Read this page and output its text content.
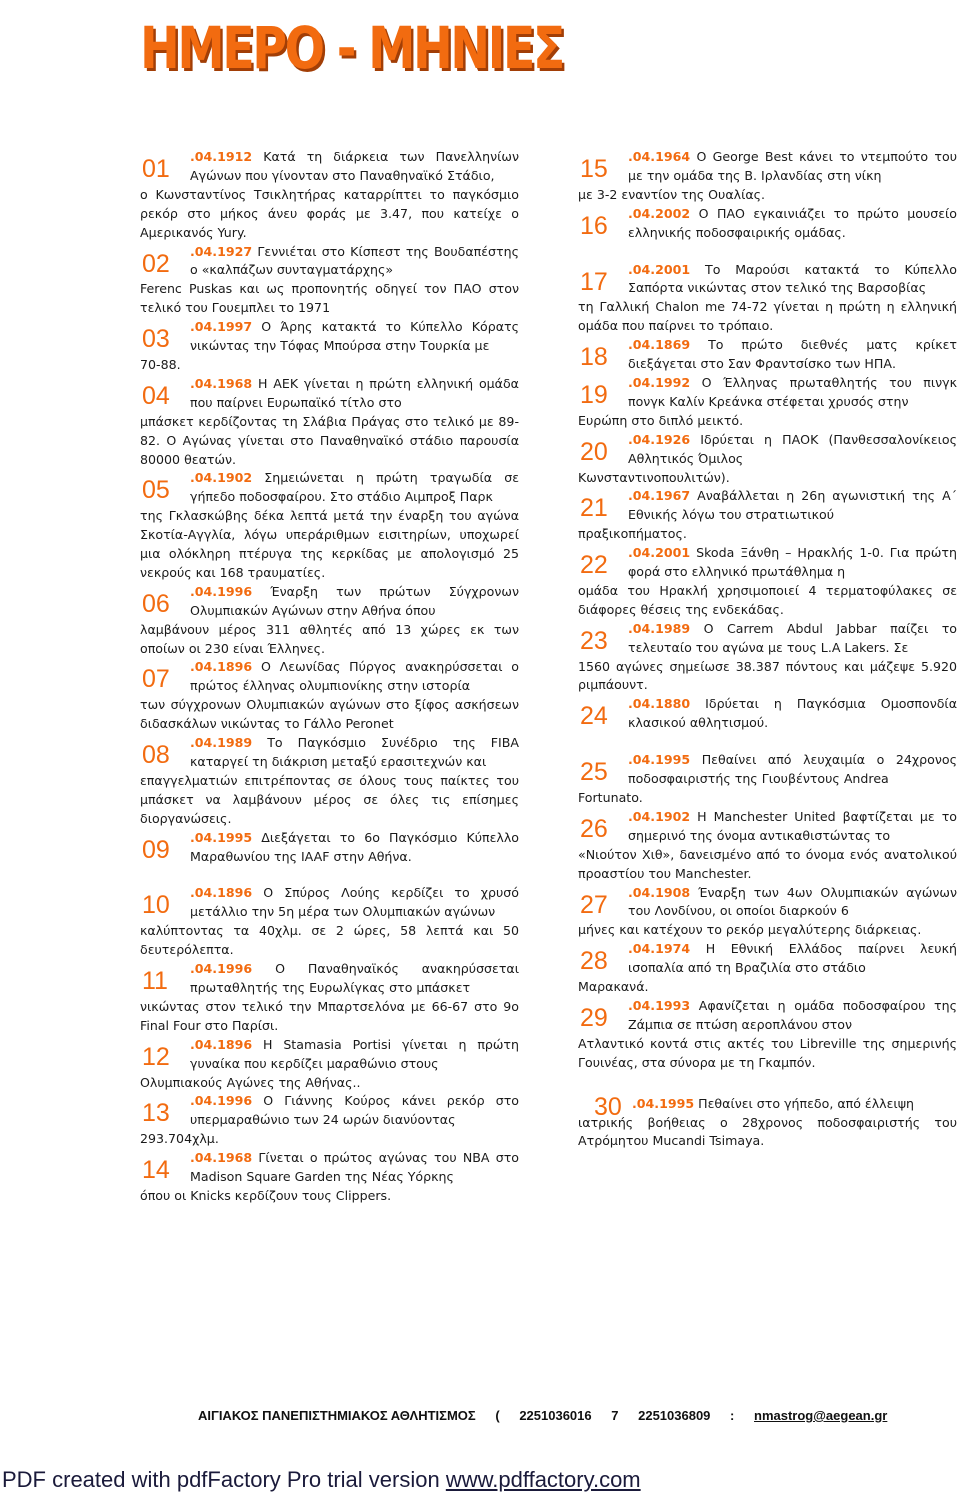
ΗΜΕΡΟ - ΜΗΝΙΕΣ
01	.04.1912 Κατά τη διάρκεια των Πανελληνίων Αγώνων που γίνονταν στο Παναθηναϊκό Στάδιο,
ο Κωνσταντίνος Τσικλητήρας καταρρίπτει το παγκόσμιο ρεκόρ στο μήκος άνευ φοράς με 3.47, που κατείχε ο Αμερικανός Yury.
02	.04.1927 Γεννιέται στο Κίσπεστ της Βουδαπέστης ο «καλπάζων συνταγματάρχης»
Ferenc Puskas και ως προπονητής οδηγεί τον ΠΑΟ στον τελικό του Γουεμπλει το 1971
03	.04.1997 Ο Άρης κατακτά το Κύπελλο Κόρατς νικώντας την Τόφας Μπούρσα στην Τουρκία με
70-88.
04	.04.1968 Η ΑΕΚ γίνεται η πρώτη ελληνική ομάδα που παίρνει Ευρωπαϊκό τίτλο στο
μπάσκετ κερδίζοντας τη Σλάβια Πράγας στο τελικό με 89-82. Ο Αγώνας γίνεται στο Παναθηναϊκό στάδιο παρουσία 80000 θεατών.
05	.04.1902 Σημειώνεται η πρώτη τραγωδία σε γήπεδο ποδοσφαίρου. Στο στάδιο Αιμπροξ Παρκ
της Γκλασκώβης δέκα λεπτά μετά την έναρξη του αγώνα Σκοτία-Αγγλία, λόγω υπεράριθμων εισιτηρίων, υποχωρεί μια ολόκληρη πτέρυγα της κερκίδας με απολογισμό 25 νεκρούς και 168 τραυματίες.
06	.04.1996 Έναρξη των πρώτων Σύγχρονων Ολυμπιακών Αγώνων στην Αθήνα όπου
λαμβάνουν μέρος 311 αθλητές από 13 χώρες εκ των οποίων οι 230 είναι Έλληνες.
07	.04.1896 Ο Λεωνίδας Πύργος ανακηρύσσεται ο πρώτος έλληνας ολυμπιονίκης στην ιστορία
των σύγχρονων Ολυμπιακών αγώνων στο ξίφος ασκήσεων διδασκάλων νικώντας το Γάλλο Peronet
08	.04.1989 Το Παγκόσμιο Συνέδριο της FIBA καταργεί τη διάκριση μεταξύ ερασιτεχνών και
επαγγελματιών επιτρέποντας σε όλους τους παίκτες του μπάσκετ να λαμβάνουν μέρος σε όλες τις επίσημες διοργανώσεις.
09	.04.1995 Διεξάγεται το 6ο Παγκόσμιο Κύπελλο Μαραθωνίου της IAAF στην Αθήνα.
10	.04.1896 Ο Σπύρος Λούης κερδίζει το χρυσό μετάλλιο την 5η μέρα των Ολυμπιακών αγώνων
καλύπτοντας τα 40χλμ. σε 2 ώρες, 58 λεπτά και 50 δευτερόλεπτα.
11	.04.1996 Ο Παναθηναϊκός ανακηρύσσεται πρωταθλητής της Ευρωλίγκας στο μπάσκετ
νικώντας στον τελικό την Μπαρτσελόνα με 66-67 στο 9ο Final Four στο Παρίσι.
12	.04.1896 Η Stamasia Portisi γίνεται η πρώτη γυναίκα που κερδίζει μαραθώνιο στους
Ολυμπιακούς Αγώνες της Αθήνας..
13	.04.1996 Ο Γιάννης Κούρος κάνει ρεκόρ στο υπερμαραθώνιο των 24 ωρών διανύοντας
293.704χλμ.
14	.04.1968 Γίνεται ο πρώτος αγώνας του NBA στο Madison Square Garden της Νέας Υόρκης
όπου οι Knicks κερδίζουν τους Clippers.
15	.04.1964 Ο George Best κάνει το ντεμπούτο του με την ομάδα της Β. Ιρλανδίας στη νίκη
με 3-2 εναντίον της Ουαλίας.
16	.04.2002 Ο ΠΑΟ εγκαινιάζει το πρώτο μουσείο ελληνικής ποδοσφαιρικής ομάδας.
17	.04.2001 Το Μαρούσι κατακτά το Κύπελλο Σαπόρτα νικώντας στον τελικό της Βαρσοβίας
τη Γαλλική Chalon me 74-72 γίνεται η πρώτη η ελληνική ομάδα που παίρνει το τρόπαιο.
18	.04.1869 Το πρώτο διεθνές ματς κρίκετ διεξάγεται στο Σαν Φραντσίσκο των ΗΠΑ.
19	.04.1992 Ο Έλληνας πρωταθλητής του πινγκ πονγκ Καλίν Κρεάνκα στέφεται χρυσός στην
Ευρώπη στο διπλό μεικτό.
20	.04.1926 Ιδρύεται η ΠΑΟΚ (Πανθεσσαλονίκειος Αθλητικός Όμιλος
Κωνσταντινοπουλιτών).
21	.04.1967 Αναβάλλεται η 26η αγωνιστική της Α΄ Εθνικής λόγω του στρατιωτικού
πραξικοπήματος.
22	.04.2001 Skoda Ξάνθη – Ηρακλής 1-0. Για πρώτη φορά στο ελληνικό πρωτάθλημα η
ομάδα του Ηρακλή χρησιμοποιεί 4 τερματοφύλακες σε διάφορες θέσεις της ενδεκάδας.
23	.04.1989 Ο Carrem Abdul Jabbar παίζει το τελευταίο του αγώνα με τους L.A Lakers. Σε
1560 αγώνες σημείωσε 38.387 πόντους και μάζεψε 5.920 ριμπάουντ.
24	.04.1880 Ιδρύεται η Παγκόσμια Ομοσπονδία κλασικού αθλητισμού.
25	.04.1995 Πεθαίνει από λευχαιμία ο 24χρονος ποδοσφαιριστής της Γιουβέντους Andrea
Fortunato.
26	.04.1902 Η Manchester United βαφτίζεται με το σημερινό της όνομα αντικαθιστώντας το
«Νιούτον Χιθ», δανεισμένο από το όνομα ενός ανατολικού προαστίου του Manchester.
27	.04.1908 Έναρξη των 4ων Ολυμπιακών αγώνων του Λονδίνου, οι οποίοι διαρκούν 6
μήνες και κατέχουν το ρεκόρ μεγαλύτερης διάρκειας.
28	.04.1974 Η Εθνική Ελλάδος παίρνει λευκή ισοπαλία από τη Βραζιλία στο στάδιο
Μαρακανά.
29	.04.1993 Αφανίζεται η ομάδα ποδοσφαίρου της Ζάμπια σε πτώση αεροπλάνου στον
Ατλαντικό κοντά στις ακτές του Libreville της σημερινής Γουινέας, στα σύνορα με τη Γκαμπόν.
30 .04.1995 Πεθαίνει στο γήπεδο, από έλλειψη
ιατρικής βοήθειας ο 28χρονος ποδοσφαιριστής του Ατρόμητου Mucandi Tsimaya.
ΑΙΓΙΑΚΟΣ ΠΑΝΕΠΙΣΤΗΜΙΑΚΟΣ ΑΘΛΗΤΙΣΜΟΣ ( 2251036016 7 2251036809 : nmastrog@aegean.gr
PDF created with pdfFactory Pro trial version www.pdffactory.com
